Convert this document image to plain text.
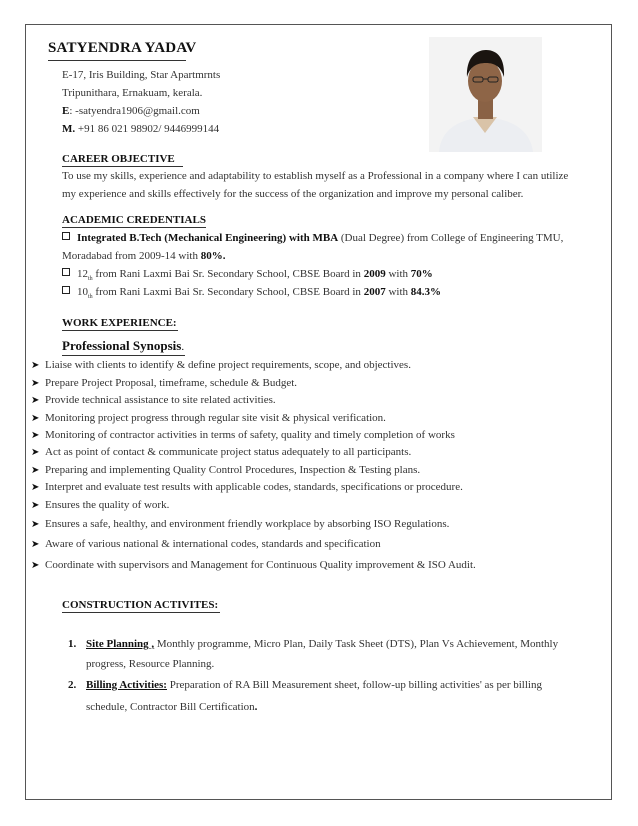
SATYENDRA YADAV
E-17, Iris Building, Star Apartmrnts
Tripunithara, Ernakuam, kerala.
E: -satyendra1906@gmail.com
M. +91 86 021 98902/ 9446999144
CAREER OBJECTIVE
To use my skills, experience and adaptability to establish myself as a Professional in a company where I can utilize
my experience and skills effectively for the success of the organization and improve my personal caliber.
ACADEMIC CREDENTIALS
Integrated B.Tech (Mechanical Engineering) with MBA (Dual Degree) from College of Engineering TMU,
Moradabad from 2009-14 with 80%.
$12_{th}$ from Rani Laxmi Bai Sr. Secondary School, CBSE Board in 2009 with 70%
$10_{th}$ from Rani Laxmi Bai Sr. Secondary School, CBSE Board in 2007 with 84.3%
WORK EXPERIENCE:
Professional Synopsis.
➤ Liaise with clients to identify & define project requirements, scope, and objectives.
➤ Prepare Project Proposal, timeframe, schedule & Budget.
➤ Provide technical assistance to site related activities.
➤ Monitoring project progress through regular site visit & physical verification.
➤ Monitoring of contractor activities in terms of safety, quality and timely completion of works
➤ Act as point of contact & communicate project status adequately to all participants.
➤ Preparing and implementing Quality Control Procedures, Inspection & Testing plans.
➤ Interpret and evaluate test results with applicable codes, standards, specifications or procedure.
➤ Ensures the quality of work.
➤ Ensures a safe, healthy, and environment friendly workplace by absorbing ISO Regulations.
➤ Aware of various national & international codes, standards and specification
➤ Coordinate with supervisors and Management for Continuous Quality improvement & ISO Audit.
CONSTRUCTION ACTIVITES:
1. Site Planning , Monthly programme, Micro Plan, Daily Task Sheet (DTS), Plan Vs Achievement, Monthly
progress, Resource Planning.
2. Billing Activities: Preparation of RA Bill Measurement sheet, follow-up billing activities' as per billing
schedule, Contractor Bill Certification.
